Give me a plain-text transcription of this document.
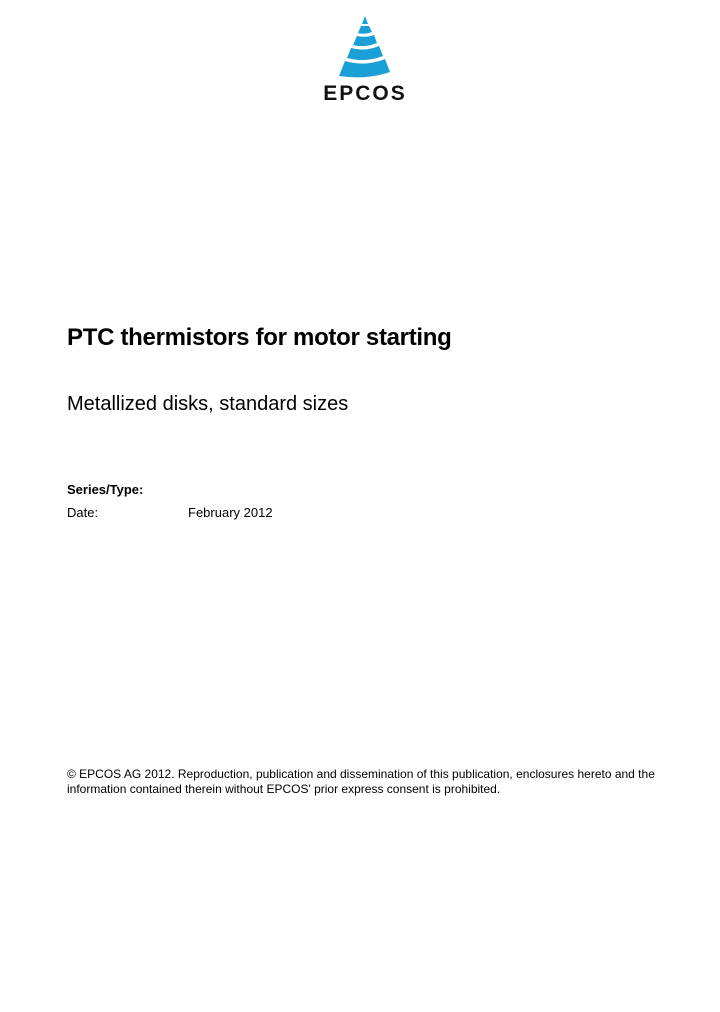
EPCOS
PTC thermistors for motor starting
Metallized disks, standard sizes
Series/Type:
Date:	February 2012
© EPCOS AG 2012. Reproduction, publication and dissemination of this publication, enclosures hereto and the
information contained therein without EPCOS' prior express consent is prohibited.
